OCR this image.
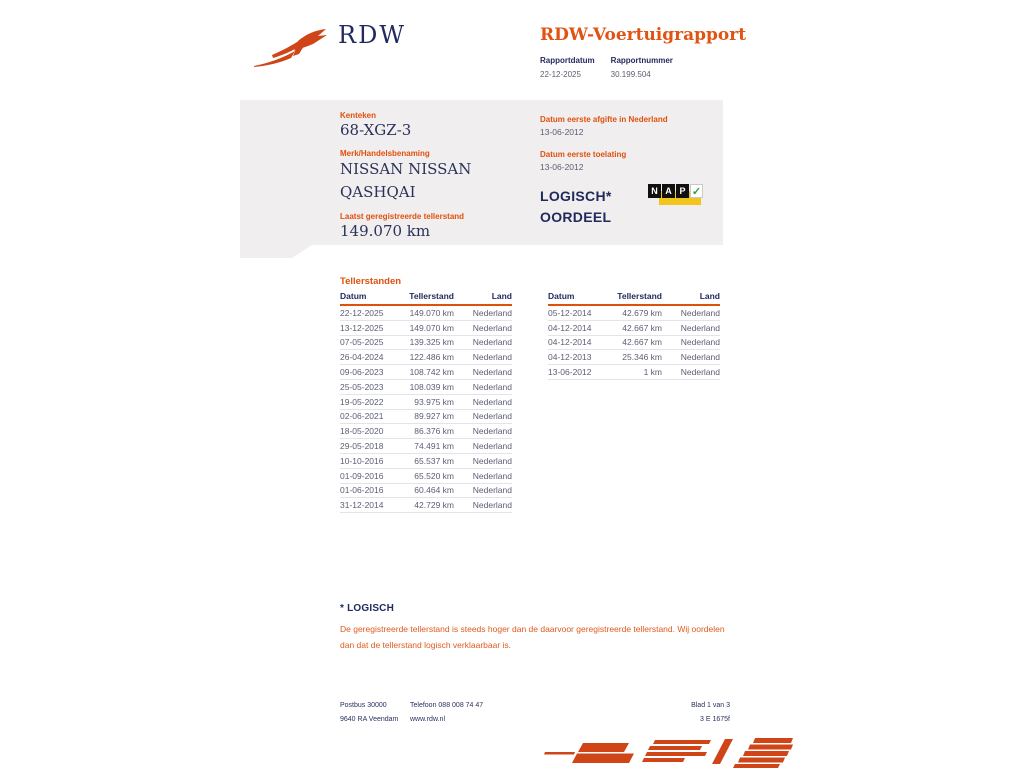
RDW	RDW-Voertuigrapport
Rapportdatum
22-12-2025
Rapportnummer
30.199.504
Kenteken
68-XGZ-3
Merk/Handelsbenaming
NISSAN NISSAN QASHQAI
Laatst geregistreerde tellerstand
149.070 km
Datum eerste afgifte in Nederland
13-06-2012
Datum eerste toelating
13-06-2012
LOGISCH*
OORDEEL
N A P ✓
Tellerstanden
Datum	Tellerstand	Land
22-12-2025	149.070 km	Nederland
13-12-2025	149.070 km	Nederland
07-05-2025	139.325 km	Nederland
26-04-2024	122.486 km	Nederland
09-06-2023	108.742 km	Nederland
25-05-2023	108.039 km	Nederland
19-05-2022	93.975 km	Nederland
02-06-2021	89.927 km	Nederland
18-05-2020	86.376 km	Nederland
29-05-2018	74.491 km	Nederland
10-10-2016	65.537 km	Nederland
01-09-2016	65.520 km	Nederland
01-06-2016	60.464 km	Nederland
31-12-2014	42.729 km	Nederland
Datum	Tellerstand	Land
05-12-2014	42.679 km	Nederland
04-12-2014	42.667 km	Nederland
04-12-2014	42.667 km	Nederland
04-12-2013	25.346 km	Nederland
13-06-2012	1 km	Nederland
* LOGISCH

De geregistreerde tellerstand is steeds hoger dan de daarvoor geregistreerde tellerstand. Wij oordelen dan dat de tellerstand logisch verklaarbaar is.

Postbus 30000
9640 RA Veendam
Telefoon 088 008 74 47
www.rdw.nl
Blad 1 van 3
3 E 1675f
